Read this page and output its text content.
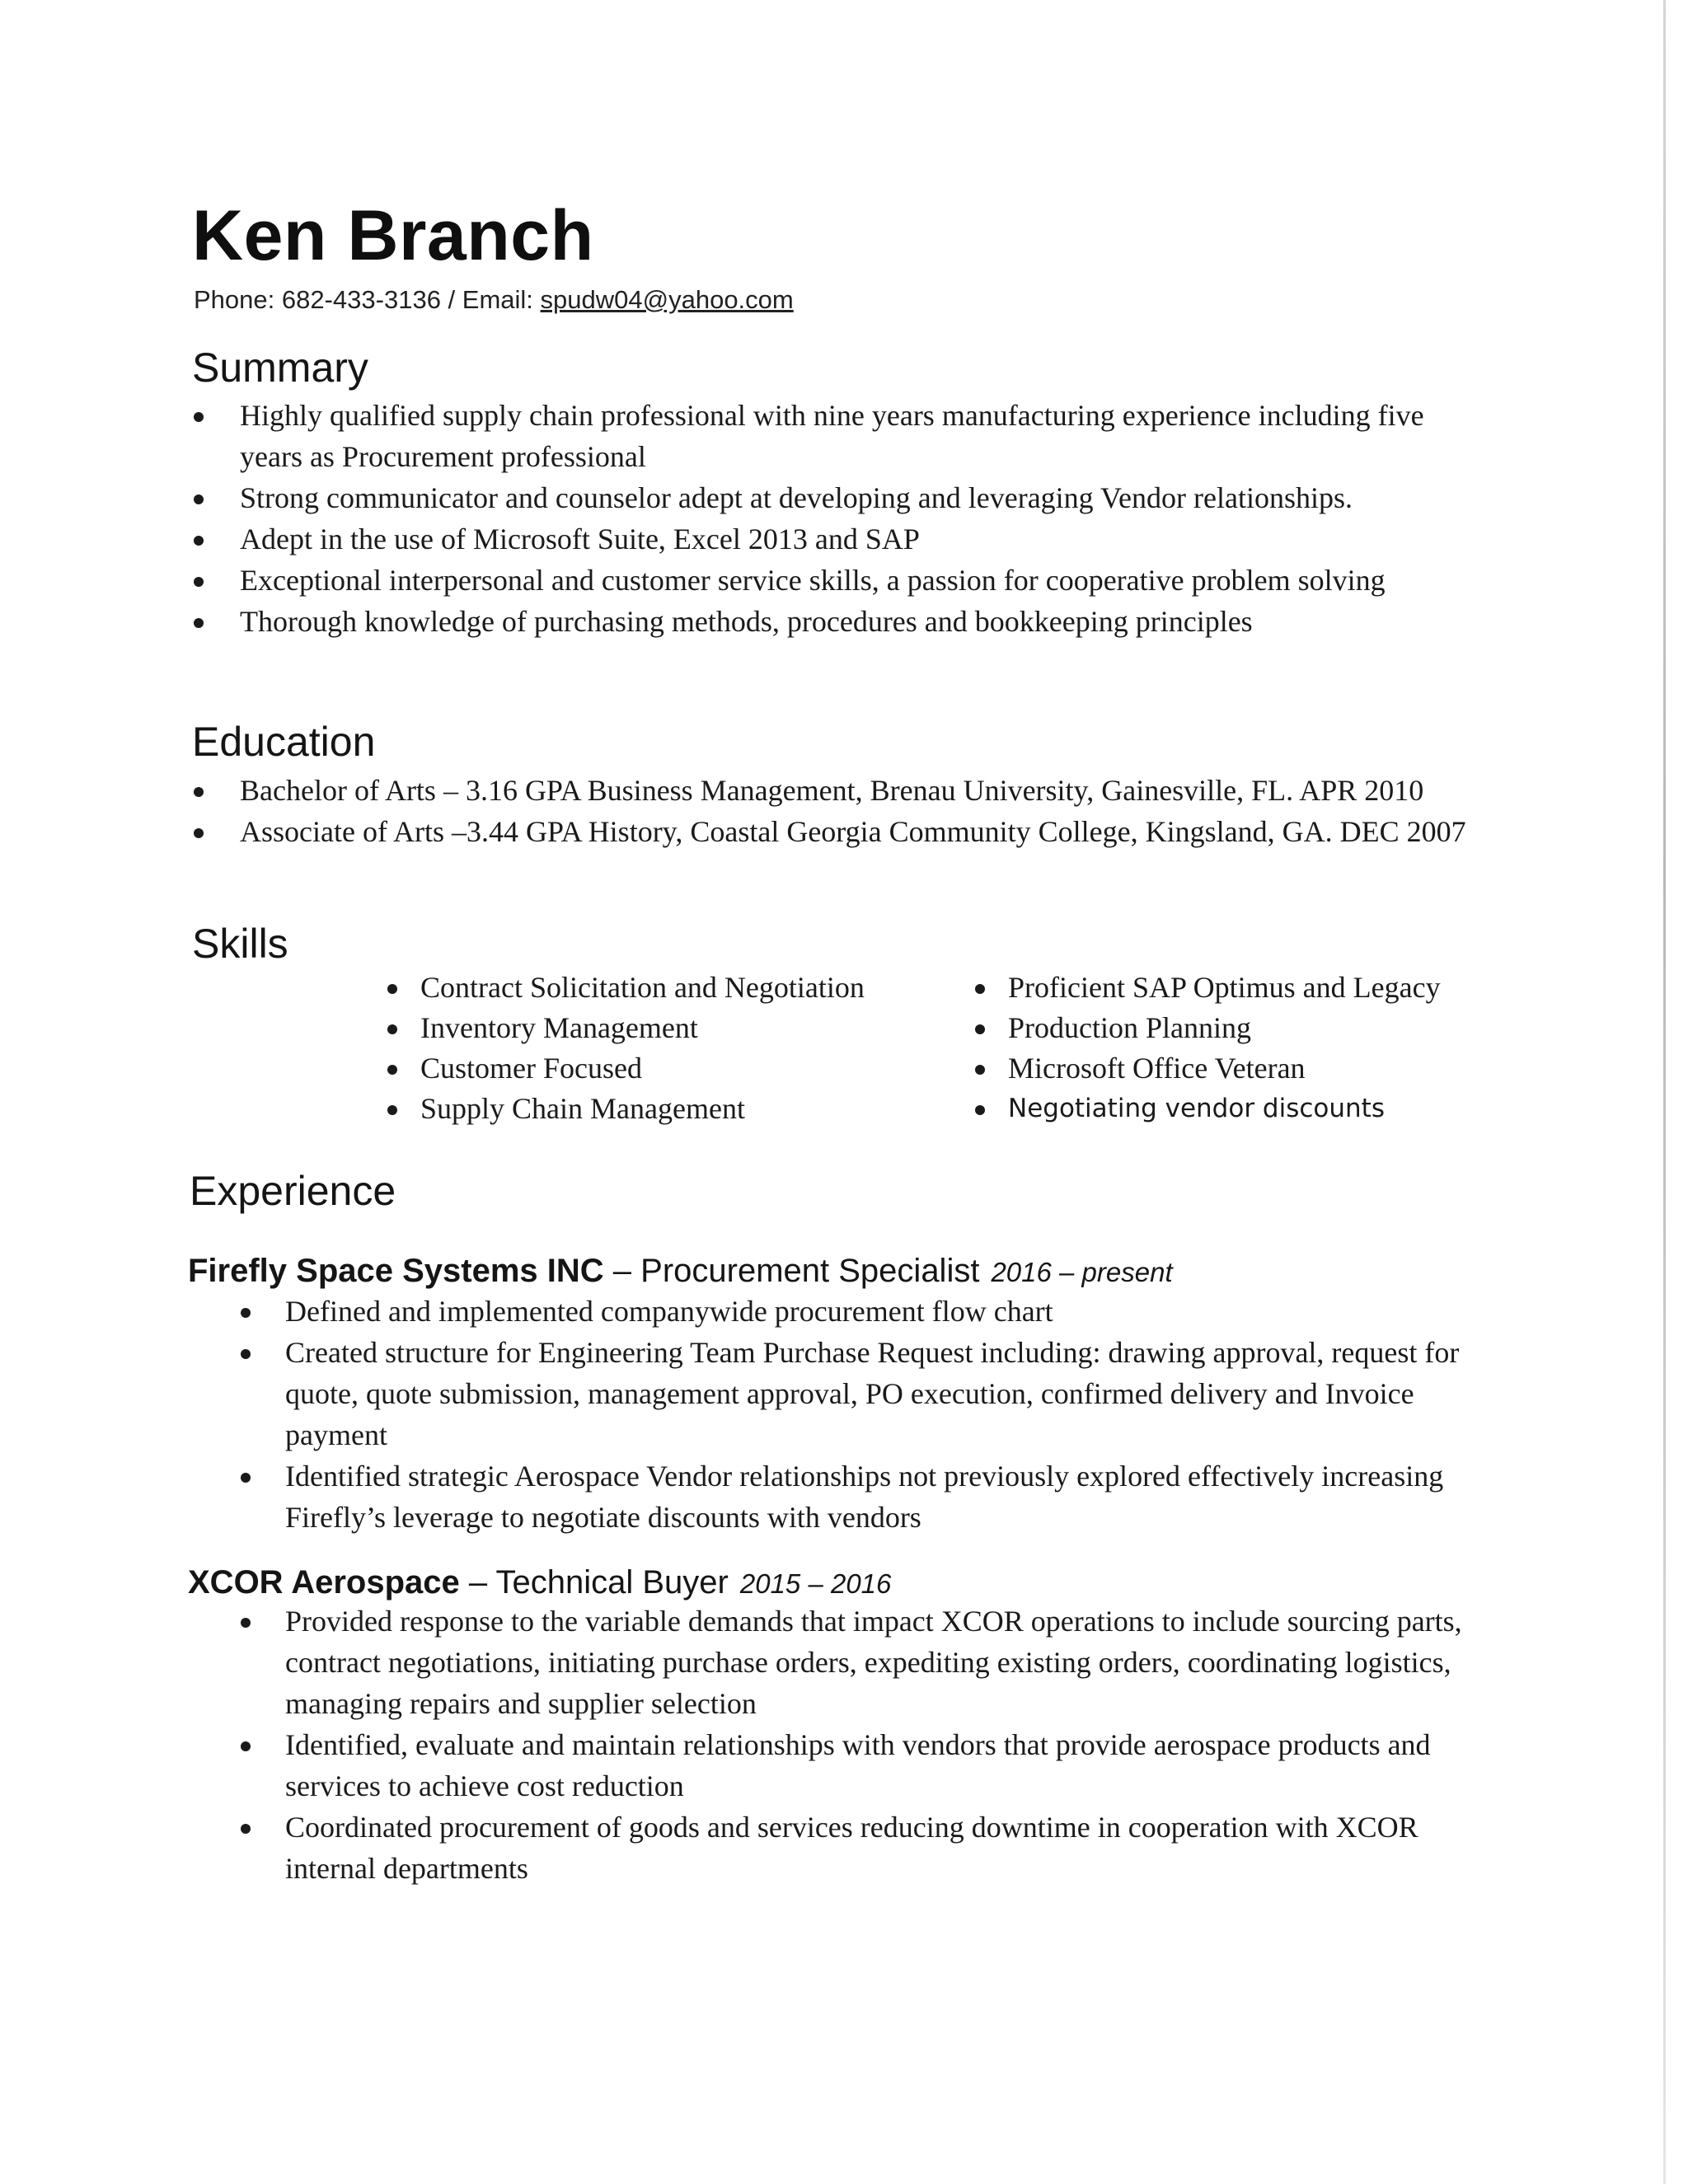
Ken Branch
Phone: 682-433-3136 / Email: spudw04@yahoo.com
Summary
Highly qualified supply chain professional with nine years manufacturing experience including five years as Procurement professional
Strong communicator and counselor adept at developing and leveraging Vendor relationships.
Adept in the use of Microsoft Suite, Excel 2013 and SAP
Exceptional interpersonal and customer service skills, a passion for cooperative problem solving
Thorough knowledge of purchasing methods, procedures and bookkeeping principles
Education
Bachelor of Arts – 3.16 GPA Business Management, Brenau University, Gainesville, FL. APR 2010
Associate of Arts –3.44 GPA History, Coastal Georgia Community College, Kingsland, GA. DEC 2007
Skills
Contract Solicitation and Negotiation
Inventory Management
Customer Focused
Supply Chain Management
Proficient SAP Optimus and Legacy
Production Planning
Microsoft Office Veteran
Negotiating vendor discounts
Experience
Firefly Space Systems INC – Procurement Specialist 2016 – present
Defined and implemented companywide procurement flow chart
Created structure for Engineering Team Purchase Request including: drawing approval, request for quote, quote submission, management approval, PO execution, confirmed delivery and Invoice payment
Identified strategic Aerospace Vendor relationships not previously explored effectively increasing Firefly’s leverage to negotiate discounts with vendors
XCOR Aerospace – Technical Buyer 2015 – 2016
Provided response to the variable demands that impact XCOR operations to include sourcing parts, contract negotiations, initiating purchase orders, expediting existing orders, coordinating logistics, managing repairs and supplier selection
Identified, evaluate and maintain relationships with vendors that provide aerospace products and services to achieve cost reduction
Coordinated procurement of goods and services reducing downtime in cooperation with XCOR internal departments
